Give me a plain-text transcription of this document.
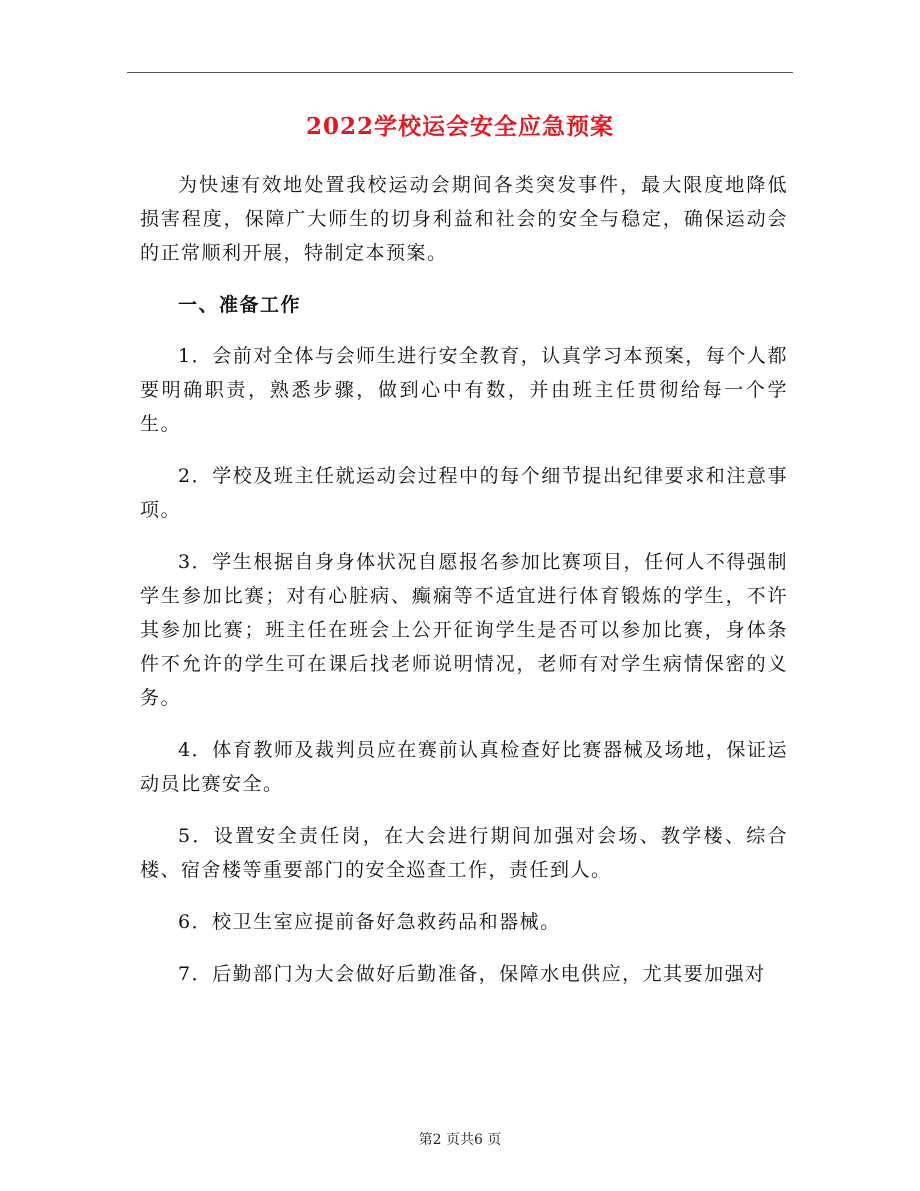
2022学校运会安全应急预案

为快速有效地处置我校运动会期间各类突发事件，最大限度地降低损害程度，保障广大师生的切身利益和社会的安全与稳定，确保运动会的正常顺利开展，特制定本预案。

一、准备工作

1．会前对全体与会师生进行安全教育，认真学习本预案，每个人都要明确职责，熟悉步骤，做到心中有数，并由班主任贯彻给每一个学生。

2．学校及班主任就运动会过程中的每个细节提出纪律要求和注意事项。

3．学生根据自身身体状况自愿报名参加比赛项目，任何人不得强制学生参加比赛；对有心脏病、癫痫等不适宜进行体育锻炼的学生，不许其参加比赛；班主任在班会上公开征询学生是否可以参加比赛，身体条件不允许的学生可在课后找老师说明情况，老师有对学生病情保密的义务。

4．体育教师及裁判员应在赛前认真检查好比赛器械及场地，保证运动员比赛安全。

5．设置安全责任岗，在大会进行期间加强对会场、教学楼、综合楼、宿舍楼等重要部门的安全巡查工作，责任到人。

6．校卫生室应提前备好急救药品和器械。

7．后勤部门为大会做好后勤准备，保障水电供应，尤其要加强对

第2 页共6 页
